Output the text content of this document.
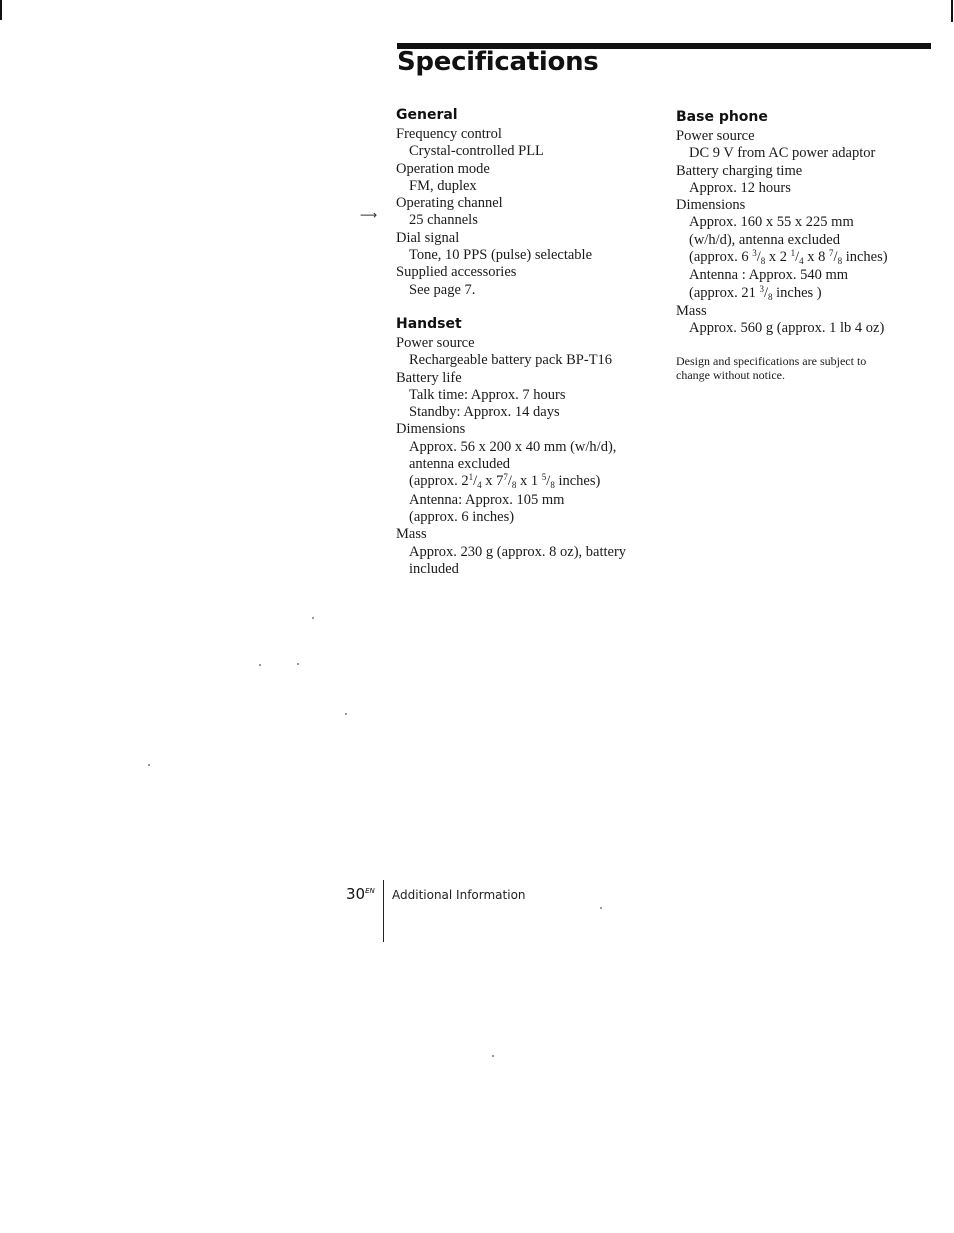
Specifications
⟶
General
Frequency control
Crystal-controlled PLL
Operation mode
FM, duplex
Operating channel
25 channels
Dial signal
Tone, 10 PPS (pulse) selectable
Supplied accessories
See page 7.
Handset
Power source
Rechargeable battery pack BP-T16
Battery life
Talk time: Approx. 7 hours
Standby: Approx. 14 days
Dimensions
Approx. 56 x 200 x 40 mm (w/h/d),
antenna excluded
(approx. $2^1/_4$ x $7^7/_8$ x 1 $^5/_8$ inches)
Antenna: Approx. 105 mm
(approx. 6 inches)
Mass
Approx. 230 g (approx. 8 oz), battery
included
Base phone
Power source
DC 9 V from AC power adaptor
Battery charging time
Approx. 12 hours
Dimensions
Approx. 160 x 55 x 225 mm
(w/h/d), antenna excluded
(approx. 6 $^3/_8$ x 2 $^1/_4$ x 8 $^7/_8$ inches)
Antenna : Approx. 540 mm
(approx. 21 $^3/_8$ inches )
Mass
Approx. 560 g (approx. 1 lb 4 oz)
Design and specifications are subject to
change without notice.
$30^{EN}$ Additional Information
